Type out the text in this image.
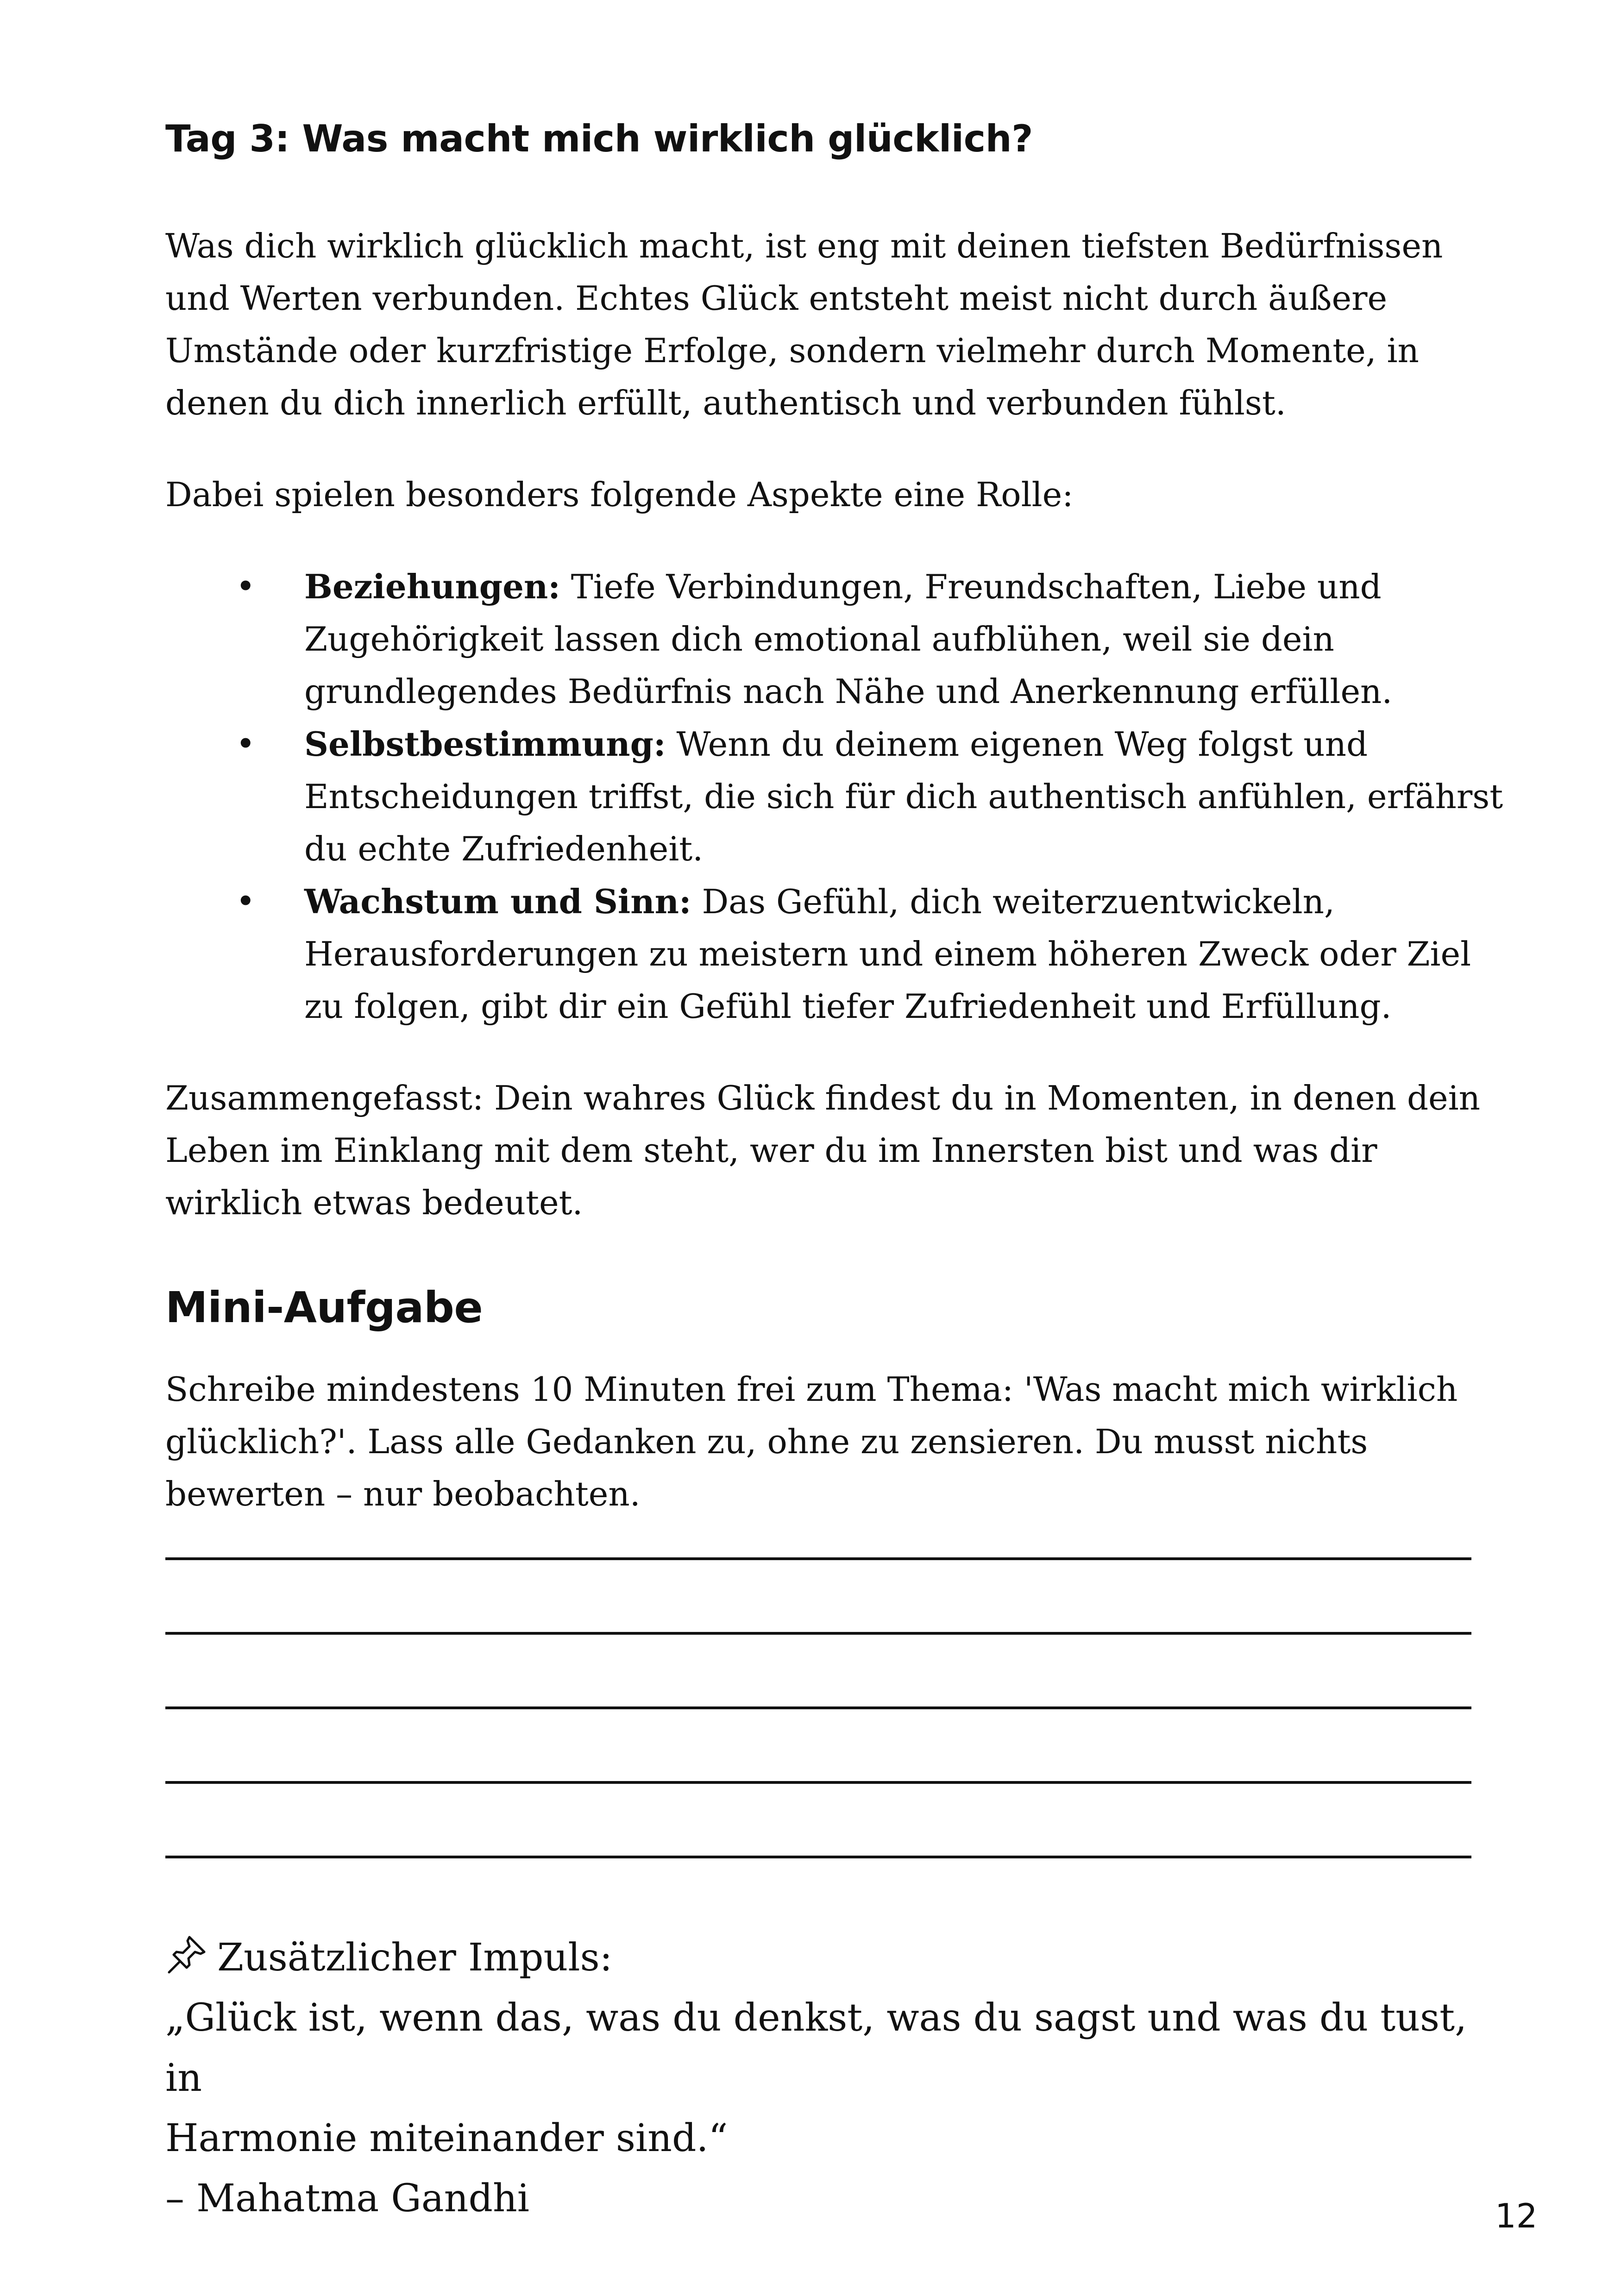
Tag 3: Was macht mich wirklich glücklich?

Was dich wirklich glücklich macht, ist eng mit deinen tiefsten Bedürfnissen und Werten verbunden. Echtes Glück entsteht meist nicht durch äußere Umstände oder kurzfristige Erfolge, sondern vielmehr durch Momente, in denen du dich innerlich erfüllt, authentisch und verbunden fühlst.

Dabei spielen besonders folgende Aspekte eine Rolle:

• Beziehungen: Tiefe Verbindungen, Freundschaften, Liebe und Zugehörigkeit lassen dich emotional aufblühen, weil sie dein grundlegendes Bedürfnis nach Nähe und Anerkennung erfüllen.
• Selbstbestimmung: Wenn du deinem eigenen Weg folgst und Entscheidungen triffst, die sich für dich authentisch anfühlen, erfährst du echte Zufriedenheit.
• Wachstum und Sinn: Das Gefühl, dich weiterzuentwickeln, Herausforderungen zu meistern und einem höheren Zweck oder Ziel zu folgen, gibt dir ein Gefühl tiefer Zufriedenheit und Erfüllung.

Zusammengefasst: Dein wahres Glück findest du in Momenten, in denen dein Leben im Einklang mit dem steht, wer du im Innersten bist und was dir wirklich etwas bedeutet.

Mini-Aufgabe

Schreibe mindestens 10 Minuten frei zum Thema: 'Was macht mich wirklich glücklich?'. Lass alle Gedanken zu, ohne zu zensieren. Du musst nichts bewerten – nur beobachten.

Zusätzlicher Impuls:

„Glück ist, wenn das, was du denkst, was du sagst und was du tust, in

Harmonie miteinander sind.“

– Mahatma Gandhi	12
